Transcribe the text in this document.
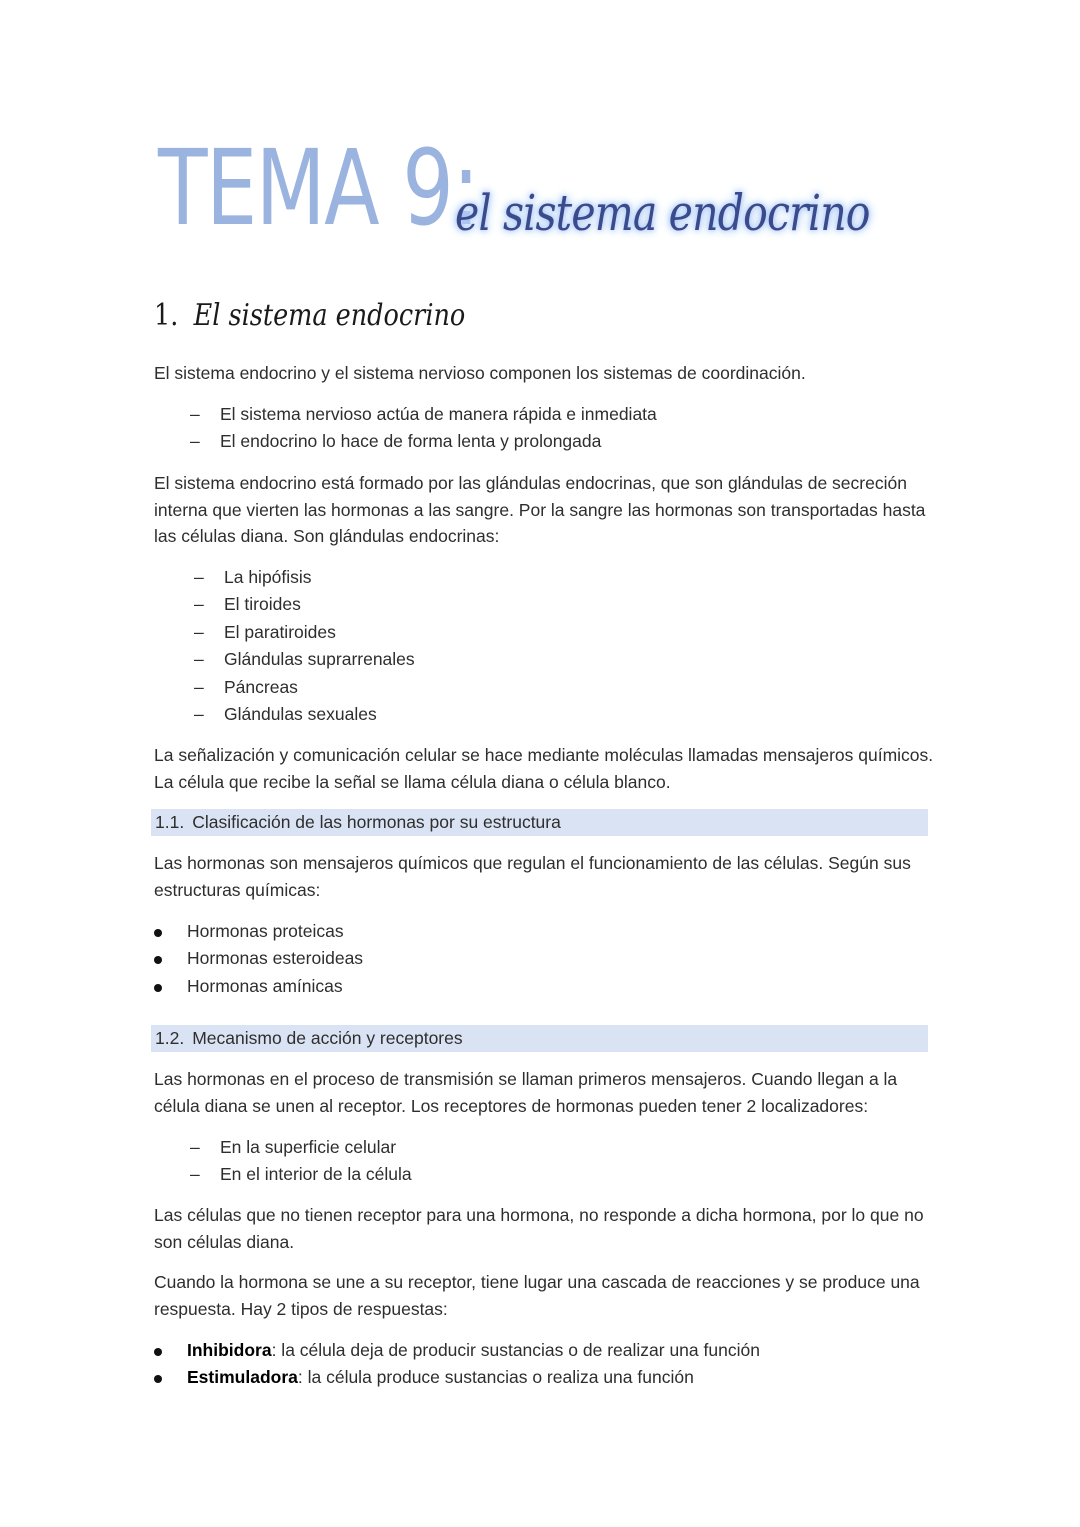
TEMA 9:
el sistema endocrino
1. El sistema endocrino
El sistema endocrino y el sistema nervioso componen los sistemas de coordinación.
– El sistema nervioso actúa de manera rápida e inmediata
– El endocrino lo hace de forma lenta y prolongada
El sistema endocrino está formado por las glándulas endocrinas, que son glándulas de secreción interna que vierten las hormonas a las sangre. Por la sangre las hormonas son transportadas hasta las células diana. Son glándulas endocrinas:
– La hipófisis
– El tiroides
– El paratiroides
– Glándulas suprarrenales
– Páncreas
– Glándulas sexuales
La señalización y comunicación celular se hace mediante moléculas llamadas mensajeros químicos. La célula que recibe la señal se llama célula diana o célula blanco.
1.1. Clasificación de las hormonas por su estructura
Las hormonas son mensajeros químicos que regulan el funcionamiento de las células. Según sus estructuras químicas:
Hormonas proteicas
Hormonas esteroideas
Hormonas amínicas
1.2. Mecanismo de acción y receptores
Las hormonas en el proceso de transmisión se llaman primeros mensajeros. Cuando llegan a la célula diana se unen al receptor. Los receptores de hormonas pueden tener 2 localizadores:
– En la superficie celular
– En el interior de la célula
Las células que no tienen receptor para una hormona, no responde a dicha hormona, por lo que no son células diana.
Cuando la hormona se une a su receptor, tiene lugar una cascada de reacciones y se produce una respuesta. Hay 2 tipos de respuestas:
Inhibidora: la célula deja de producir sustancias o de realizar una función
Estimuladora: la célula produce sustancias o realiza una función
